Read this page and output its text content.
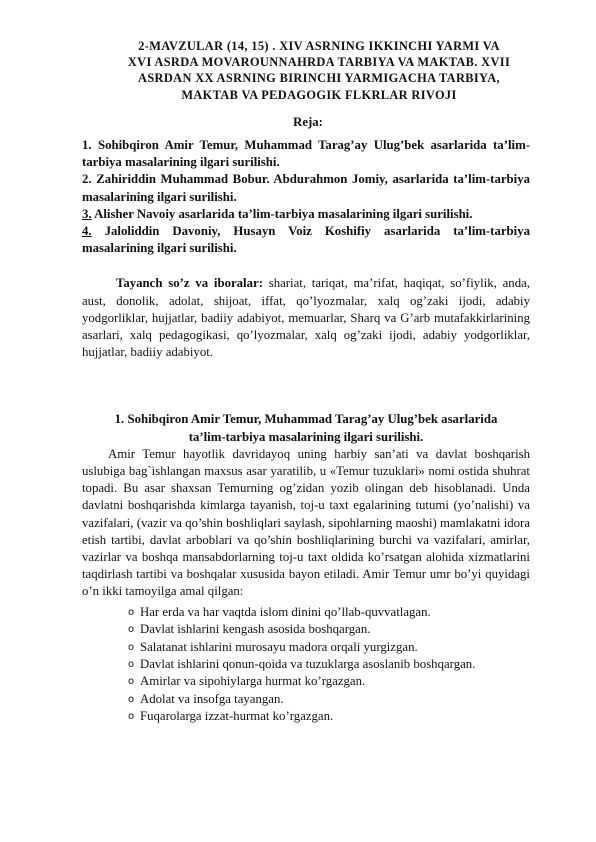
2-MAVZULAR (14, 15) . XIV ASRNING IKKINCHI YARMI VA
XVI ASRDA MOVAROUNNAHRDA TARBIYA VA MAKTAB. XVII
ASRDAN XX ASRNING BIRINCHI YARMIGACHA TARBIYA,
MAKTAB VA PEDAGOGIK FLKRLAR RIVOJI
Reja:
1. Sohibqiron Amir Temur, Muhammad Tarag’ay Ulug’bek asarlarida ta’lim-tarbiya masalarining ilgari surilishi.
2. Zahiriddin Muhammad Bobur. Abdurahmon Jomiy, asarlarida ta’lim-tarbiya masalarining ilgari surilishi.
3. Alisher Navoiy asarlarida ta’lim-tarbiya masalarining ilgari surilishi.
4. Jaloliddin Davoniy, Husayn Voiz Koshifiy asarlarida ta’lim-tarbiya masalarining ilgari surilishi.
Tayanch so’z va iboralar: shariat, tariqat, ma’rifat, haqiqat, so’fiylik, anda, aust, donolik, adolat, shijoat, iffat, qo’lyozmalar, xalq og’zaki ijodi, adabiy yodgorliklar, hujjatlar, badiiy adabiyot, memuarlar, Sharq va G’arb mutafakkirlarining asarlari, xalq pedagogikasi, qo’lyozmalar, xalq og’zaki ijodi, adabiy yodgorliklar, hujjatlar, badiiy adabiyot.
1. Sohibqiron Amir Temur, Muhammad Tarag’ay Ulug’bek asarlarida
ta’lim-tarbiya masalarining ilgari surilishi.
Amir Temur hayotlik davridayoq uning harbiy san’ati va davlat boshqarish uslubiga bag`ishlangan maxsus asar yaratilib, u «Temur tuzuklari» nomi ostida shuhrat topadi. Bu asar shaxsan Temurning og’zidan yozib olingan deb hisoblanadi. Unda davlatni boshqarishda kimlarga tayanish, toj-u taxt egalarining tutumi (yo’nalishi) va vazifalari, (vazir va qo’shin boshliqlari saylash, sipohlarning maoshi) mamlakatni idora etish tartibi, davlat arboblari va qo’shin boshliqlarining burchi va vazifalari, amirlar, vazirlar va boshqa mansabdorlarning toj-u taxt oldida ko’rsatgan alohida xizmatlarini taqdirlash tartibi va boshqalar xususida bayon etiladi. Amir Temur umr bo’yi quyidagi o’n ikki tamoyilga amal qilgan:
o Har erda va har vaqtda islom dinini qo’llab-quvvatlagan.
o Davlat ishlarini kengash asosida boshqargan.
o Salatanat ishlarini murosayu madora orqali yurgizgan.
o Davlat ishlarini qonun-qoida va tuzuklarga asoslanib boshqargan.
o Amirlar va sipohiylarga hurmat ko’rgazgan.
o Adolat va insofga tayangan.
o Fuqarolarga izzat-hurmat ko’rgazgan.
